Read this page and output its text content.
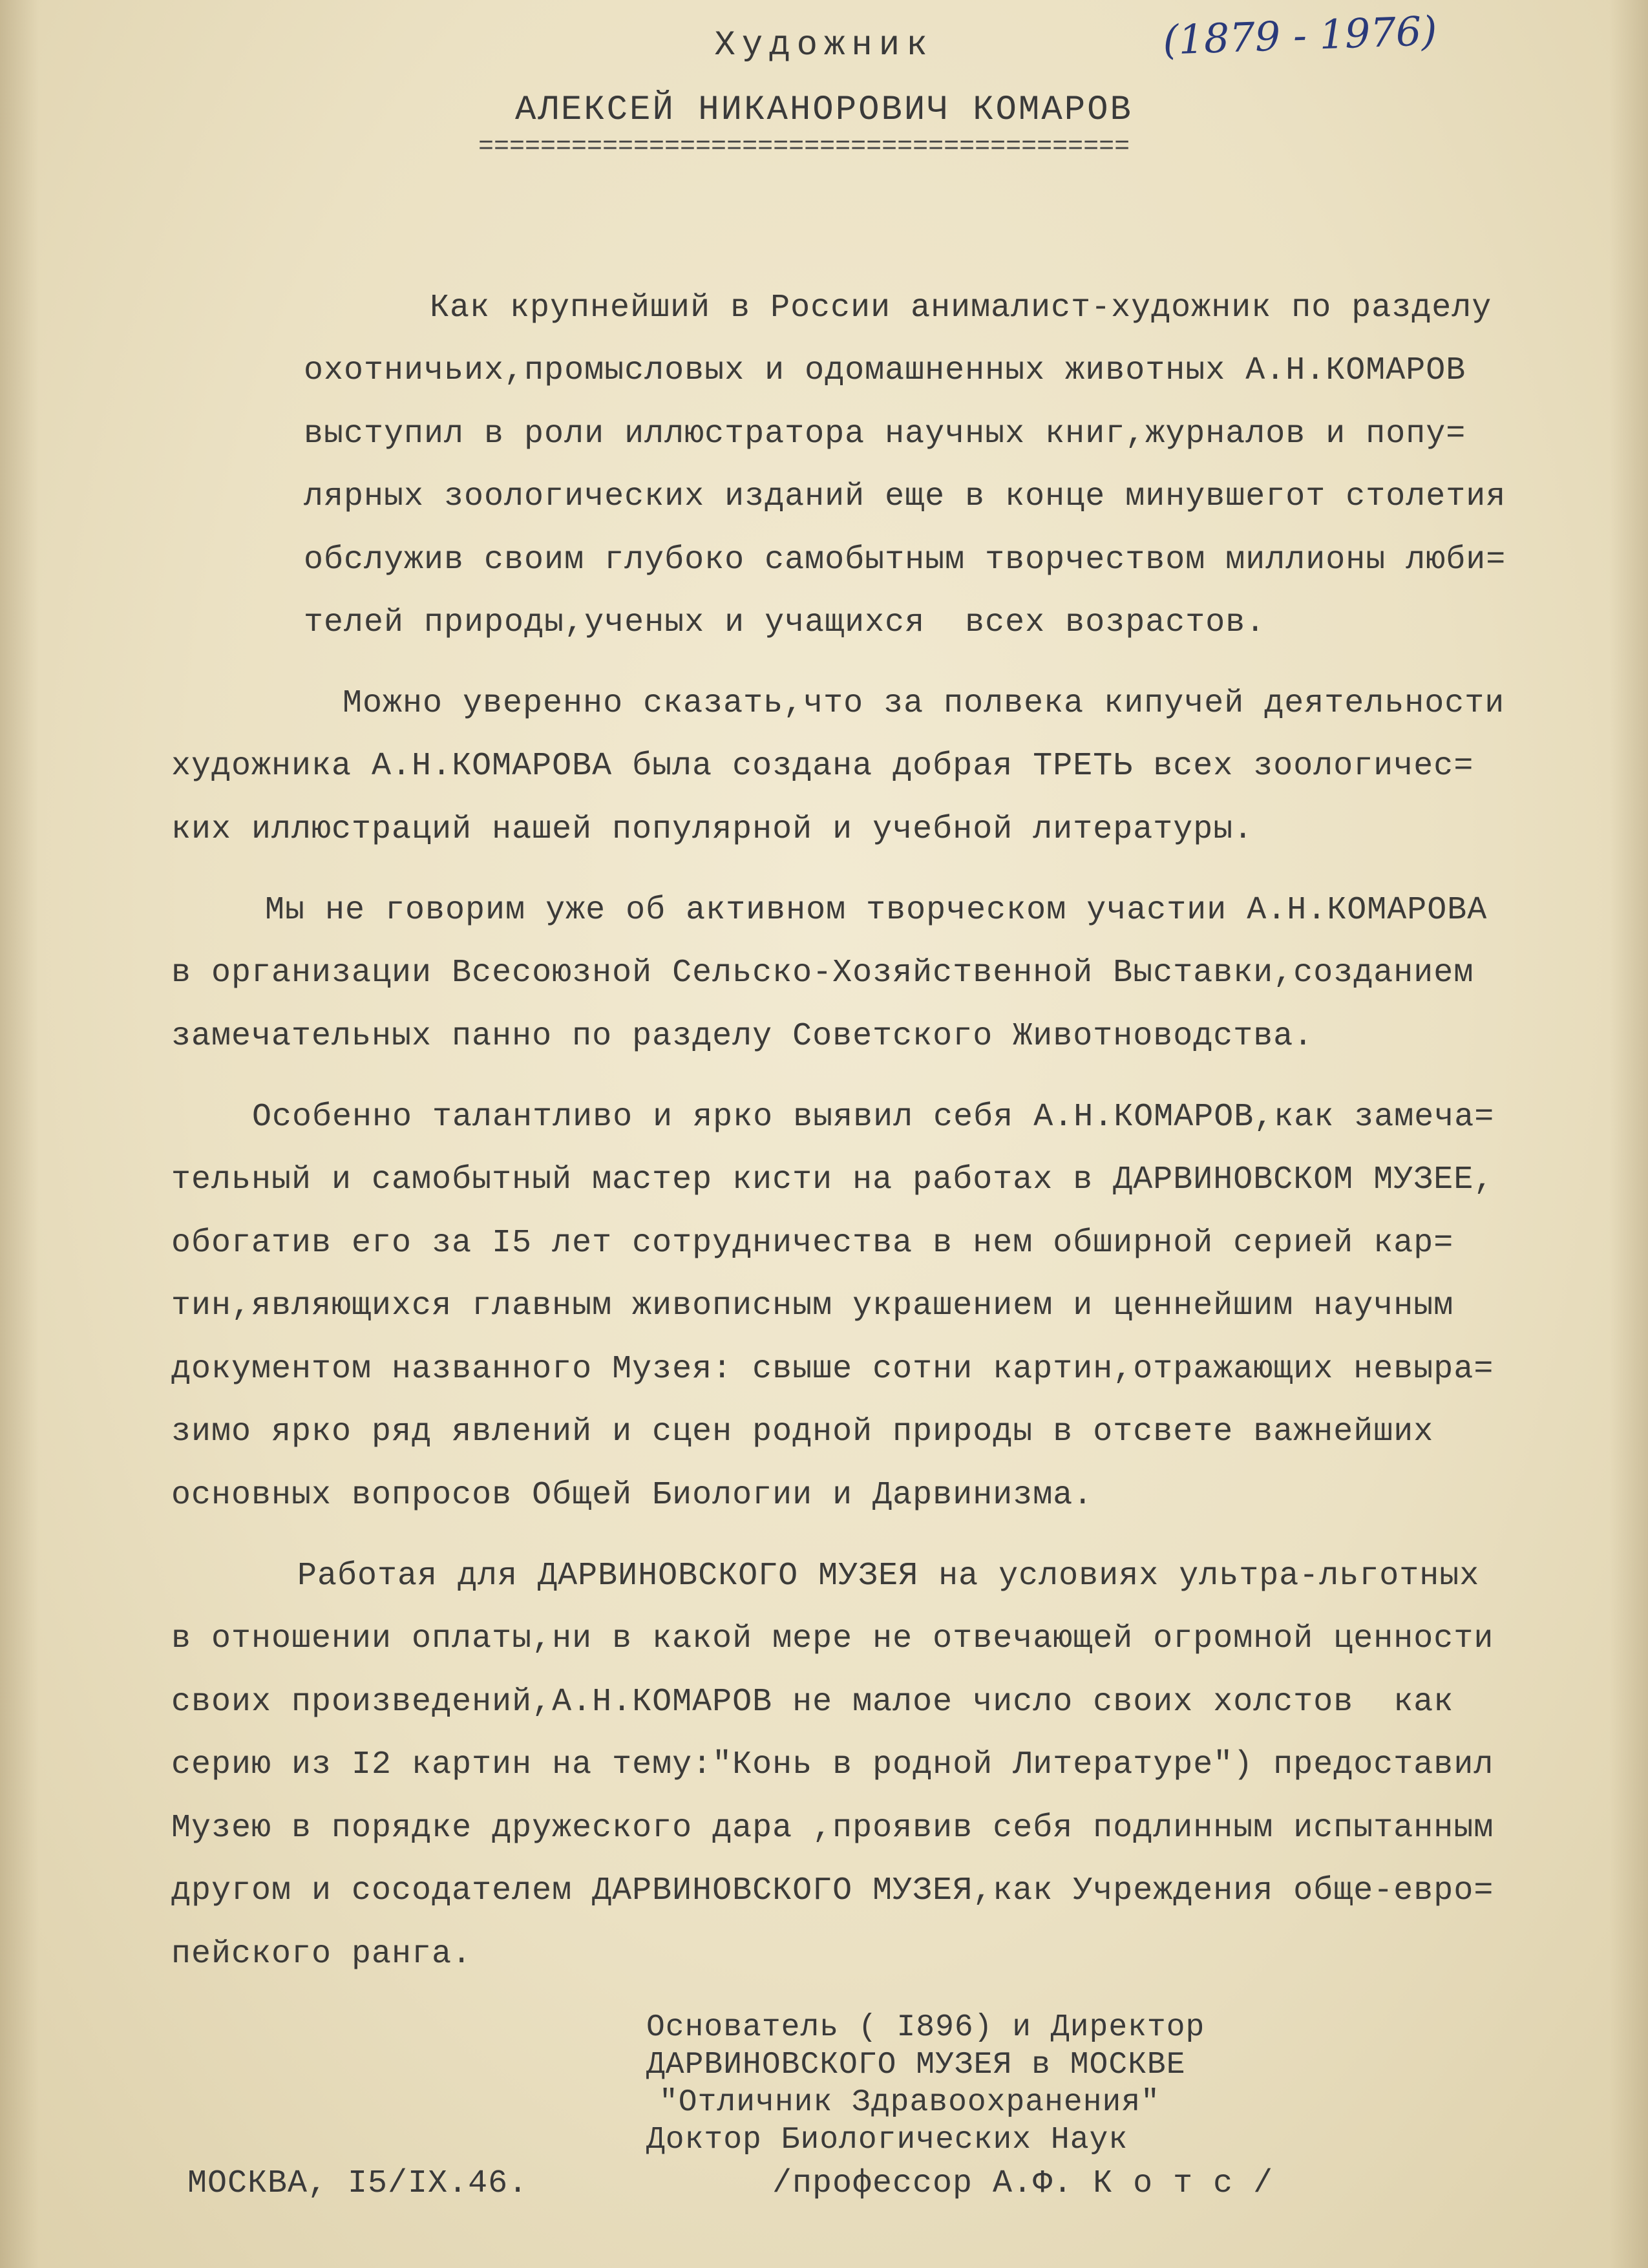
Художник
АЛЕКСЕЙ НИКАНОРОВИЧ КОМАРОВ
==========================================
(1879 - 1976)
Как крупнейший в России анималист-художник по разделу
охотничьих,промысловых и одомашненных животных А.Н.КОМАРОВ
выступил в роли иллюстратора научных книг,журналов и попу=
лярных зоологических изданий еще в конце минувшегот столетия
обслужив своим глубоко самобытным творчеством миллионы люби=
телей природы,ученых и учащихся  всех возрастов.
Можно уверенно сказать,что за полвека кипучей деятельности
художника А.Н.КОМАРОВА была создана добрая ТРЕТЬ всех зоологичес=
ких иллюстраций нашей популярной и учебной литературы.
Мы не говорим уже об активном творческом участии А.Н.КОМАРОВА
в организации Всесоюзной Сельско-Хозяйственной Выставки,созданием
замечательных панно по разделу Советского Животноводства.
Особенно талантливо и ярко выявил себя А.Н.КОМАРОВ,как замеча=
тельный и самобытный мастер кисти на работах в ДАРВИНОВСКОМ МУЗЕЕ,
обогатив его за I5 лет сотрудничества в нем обширной серией кар=
тин,являющихся главным живописным украшением и ценнейшим научным
документом названного Музея: свыше сотни картин,отражающих невыра=
зимо ярко ряд явлений и сцен родной природы в отсвете важнейших
основных вопросов Общей Биологии и Дарвинизма.
Работая для ДАРВИНОВСКОГО МУЗЕЯ на условиях ультра-льготных
в отношении оплаты,ни в какой мере не отвечающей огромной ценности
своих произведений,А.Н.КОМАРОВ не малое число своих холстов  как
серию из I2 картин на тему:"Конь в родной Литературе") предоставил
Музею в порядке дружеского дара ,проявив себя подлинным испытанным
другом и сосодателем ДАРВИНОВСКОГО МУЗЕЯ,как Учреждения обще-евро=
пейского ранга.
Основатель ( I896) и Директор
ДАРВИНОВСКОГО МУЗЕЯ в МОСКВЕ
"Отличник Здравоохранения"
Доктор Биологических Наук
МОСКВА, I5/IX.46.	/профессор А.Ф. К о т с /
